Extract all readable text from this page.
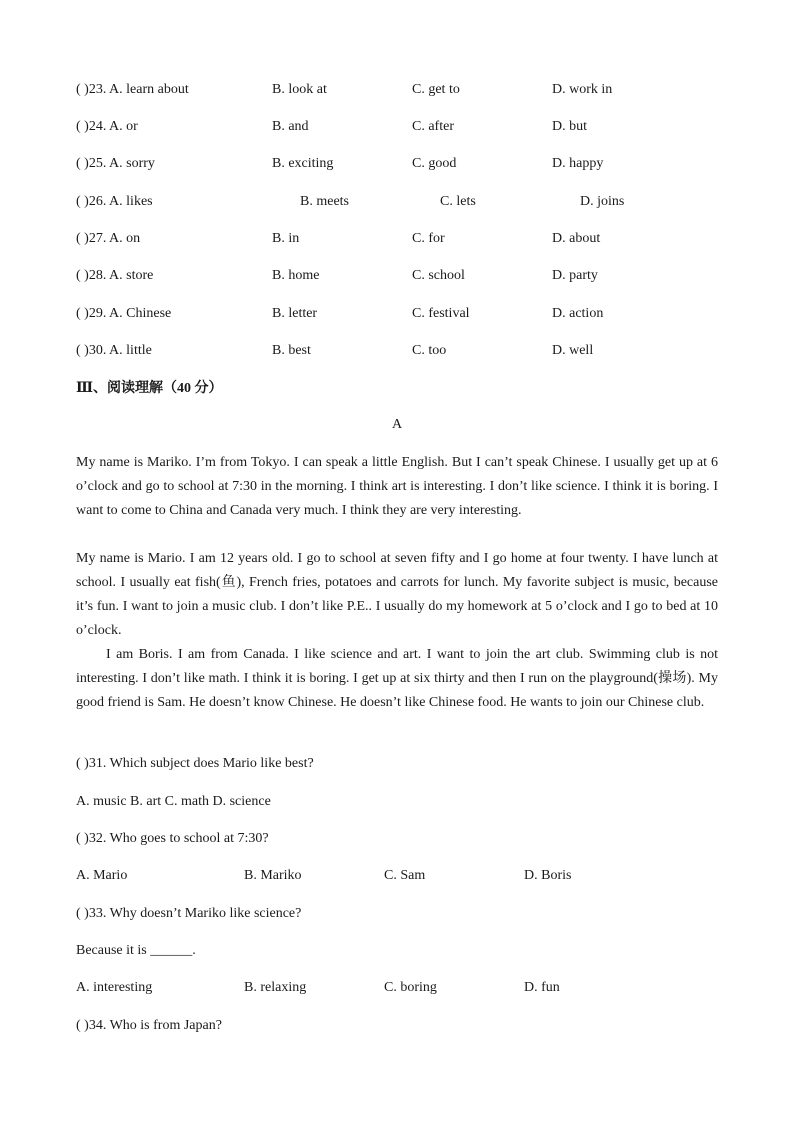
( )23. A. learn about	B. look at	C. get to	D. work in
( )24. A. or	B. and	C. after	D. but
( )25. A. sorry	B. exciting	C. good	D. happy
( )26. A. likes	B. meets	C. lets	D. joins
( )27. A. on	B. in	C. for	D. about
( )28. A. store	B. home	C. school	D. party
( )29. A. Chinese	B. letter	C. festival	D. action
( )30. A. little	B. best	C. too	D. well
Ⅲ、阅读理解（40 分）
A

My name is Mariko. I’m from Tokyo. I can speak a little English. But I can’t speak Chinese. I usually get up at 6 o’clock and go to school at 7:30 in the morning. I think art is interesting. I don’t like science. I think it is boring. I want to come to China and Canada very much. I think they are very interesting.

My name is Mario. I am 12 years old. I go to school at seven fifty and I go home at four twenty. I have lunch at school. I usually eat fish(鱼), French fries, potatoes and carrots for lunch. My favorite subject is music, because it’s fun. I want to join a music club. I don’t like P.E.. I usually do my homework at 5 o’clock and I go to bed at 10 o’clock.

I am Boris. I am from Canada. I like science and art. I want to join the art club. Swimming club is not interesting. I don’t like math. I think it is boring. I get up at six thirty and then I run on the playground(操场). My good friend is Sam. He doesn’t know Chinese. He doesn’t like Chinese food. He wants to join our Chinese club.

( )31. Which subject does Mario like best?
A. music B. art C. math D. science
( )32. Who goes to school at 7:30?
A. Mario	B. Mariko	C. Sam	D. Boris
( )33. Why doesn’t Mariko like science?
Because it is ______.
A. interesting	B. relaxing	C. boring	D. fun
( )34. Who is from Japan?
